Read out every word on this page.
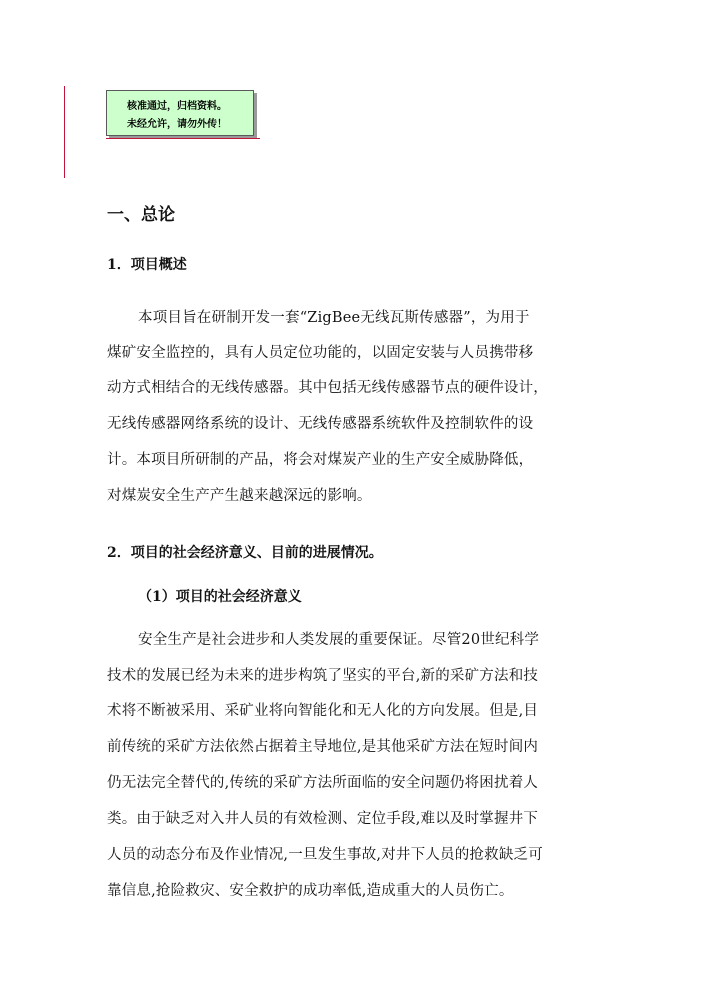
核准通过，归档资料。
未经允许，请勿外传！
一、总论
1．项目概述
本项目旨在研制开发一套“ZigBee无线瓦斯传感器”，为用于
煤矿安全监控的，具有人员定位功能的，以固定安装与人员携带移
动方式相结合的无线传感器。其中包括无线传感器节点的硬件设计，
无线传感器网络系统的设计、无线传感器系统软件及控制软件的设
计。本项目所研制的产品，将会对煤炭产业的生产安全威胁降低，
对煤炭安全生产产生越来越深远的影响。
2．项目的社会经济意义、目前的进展情况。
（1）项目的社会经济意义
安全生产是社会进步和人类发展的重要保证。尽管20世纪科学
技术的发展已经为未来的进步构筑了坚实的平台,新的采矿方法和技
术将不断被采用、采矿业将向智能化和无人化的方向发展。但是,目
前传统的采矿方法依然占据着主导地位,是其他采矿方法在短时间内
仍无法完全替代的,传统的采矿方法所面临的安全问题仍将困扰着人
类。由于缺乏对入井人员的有效检测、定位手段,难以及时掌握井下
人员的动态分布及作业情况,一旦发生事故,对井下人员的抢救缺乏可
靠信息,抢险救灾、安全救护的成功率低,造成重大的人员伤亡。
